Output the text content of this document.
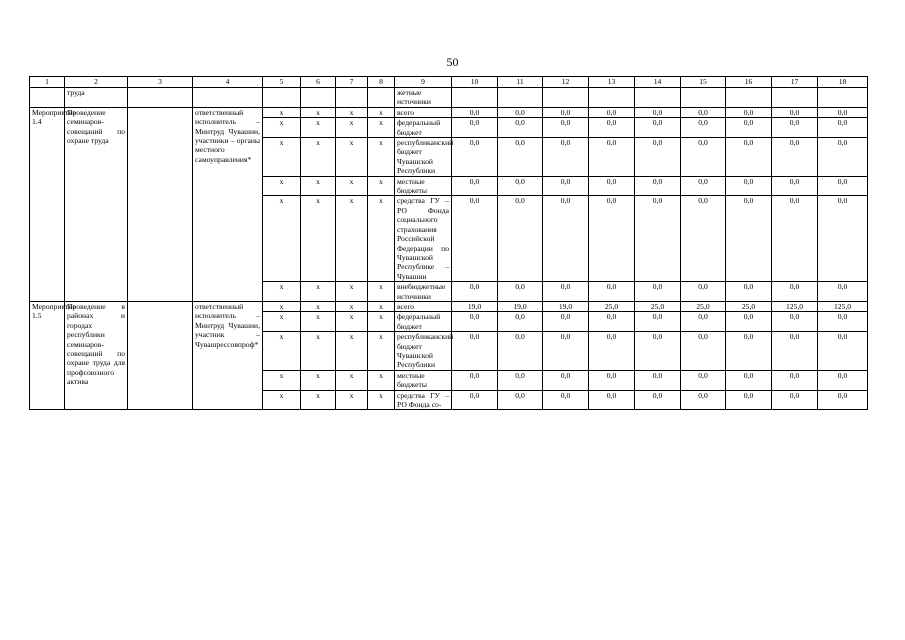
50
1	2	3	4	5	6	7	8	9	10	11	12	13	14	15	16	17	18
	труда							жетные источники									
Мероприятие 1.4	Проведение семинаров-совещаний по охране труда		ответственный исполнитель – Минтруд Чувашии, участники – органы местного самоуправления*	х	х	х	х	всего	0,0	0,0	0,0	0,0	0,0	0,0	0,0	0,0	0,0
				х	х	х	х	федеральный бюджет	0,0	0,0	0,0	0,0	0,0	0,0	0,0	0,0	0,0
				х	х	х	х	республиканский бюджет Чувашской Республики	0,0	0,0	0,0	0,0	0,0	0,0	0,0	0,0	0,0
				х	х	х	х	местные бюджеты	0,0	0,0	0,0	0,0	0,0	0,0	0,0	0,0	0,0
				х	х	х	х	средства ГУ – РО Фонда социального страхования Российской Федерации по Чувашской Республике – Чувашии	0,0	0,0	0,0	0,0	0,0	0,0	0,0	0,0	0,0
				х	х	х	х	внебюджетные источники	0,0	0,0	0,0	0,0	0,0	0,0	0,0	0,0	0,0
Мероприятие 1.5	Проведение в районах и городах республики семинаров-совещаний по охране труда для профсоюзного актива		ответственный исполнитель – Минтруд Чувашии, участник – Чувашрессовпроф*	х	х	х	х	всего	19,0	19,0	19,0	25,0	25,0	25,0	25,0	125,0	125,0
				х	х	х	х	федеральный бюджет	0,0	0,0	0,0	0,0	0,0	0,0	0,0	0,0	0,0
				х	х	х	х	республиканский бюджет Чувашской Республики	0,0	0,0	0,0	0,0	0,0	0,0	0,0	0,0	0,0
				х	х	х	х	местные бюджеты	0,0	0,0	0,0	0,0	0,0	0,0	0,0	0,0	0,0
				х	х	х	х	средства ГУ – РО Фонда со-	0,0	0,0	0,0	0,0	0,0	0,0	0,0	0,0	0,0
